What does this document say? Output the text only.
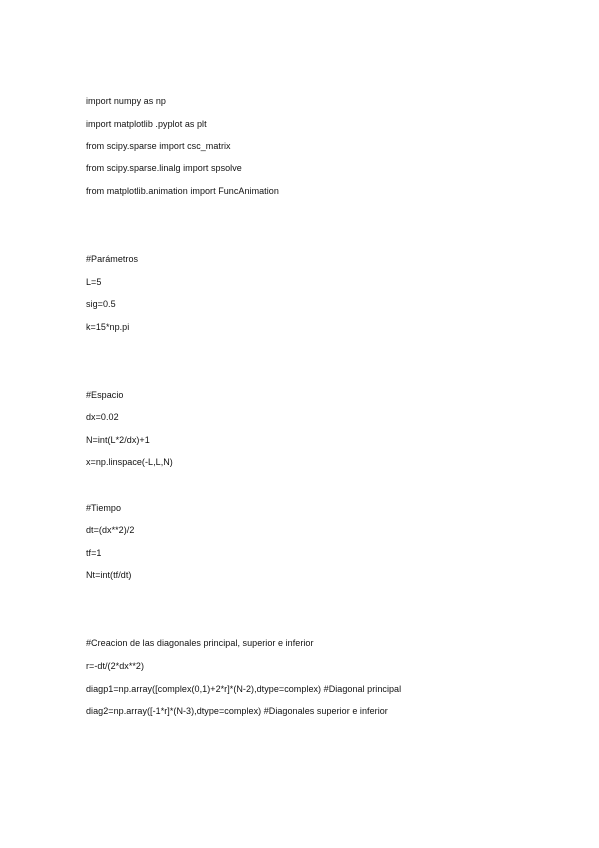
import numpy as np
import matplotlib .pyplot as plt
from scipy.sparse import csc_matrix
from scipy.sparse.linalg import spsolve
from matplotlib.animation import FuncAnimation
#Parámetros
L=5
sig=0.5
k=15*np.pi
#Espacio
dx=0.02
N=int(L*2/dx)+1
x=np.linspace(-L,L,N)
#Tiempo
dt=(dx**2)/2
tf=1
Nt=int(tf/dt)
#Creacion de las diagonales principal, superior e inferior
r=-dt/(2*dx**2)
diagp1=np.array([complex(0,1)+2*r]*(N-2),dtype=complex) #Diagonal principal
diag2=np.array([-1*r]*(N-3),dtype=complex) #Diagonales superior e inferior
